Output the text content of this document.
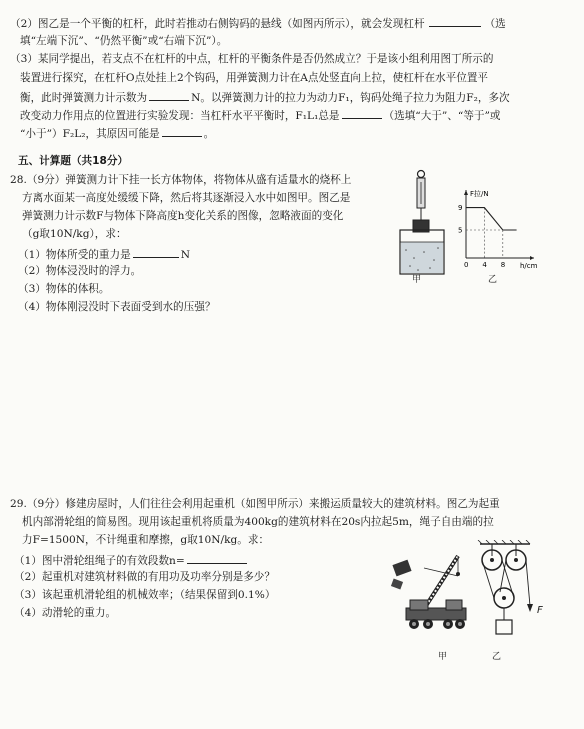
（2）图乙是一个平衡的杠杆，此时若推动右侧钩码的悬线（如图丙所示），就会发现杠杆	（选
填“左端下沉”、“仍然平衡”或“右端下沉”）。
（3）某同学提出，若支点不在杠杆的中点，杠杆的平衡条件是否仍然成立？于是该小组利用图丁所示的
装置进行探究，在杠杆O点处挂上2个钩码，用弹簧测力计在A点处竖直向上拉，使杠杆在水平位置平
衡，此时弹簧测力计示数为	N。以弹簧测力计的拉力为动力F₁，钩码处绳子拉力为阻力F₂，多次
改变动力作用点的位置进行实验发现：当杠杆水平平衡时，F₁L₁总是	（选填“大于”、“等于”或
“小于”）F₂L₂，其原因可能是	。
五、计算题（共18分）
28.（9分）弹簧测力计下挂一长方体物体，将物体从盛有适量水的烧杯上
方离水面某一高度处缓缓下降，然后将其逐渐浸入水中如图甲。图乙是
弹簧测力计示数F与物体下降高度h变化关系的图像，忽略液面的变化
（g取10N/kg），求：
（1）物体所受的重力是	N
（2）物体浸没时的浮力。
（3）物体的体积。
（4）物体刚浸没时下表面受到水的压强？
甲
5
9
0 4 8
F拉/N
h/cm
乙
29.（9分）修建房屋时，人们往往会利用起重机（如图甲所示）来搬运质量较大的建筑材料。图乙为起重
机内部滑轮组的简易图。现用该起重机将质量为400kg的建筑材料在20s内拉起5m，绳子自由端的拉
力F=1500N，不计绳重和摩擦，g取10N/kg。求：
（1）图中滑轮组绳子的有效段数n=
（2）起重机对建筑材料做的有用功及功率分别是多少？
（3）该起重机滑轮组的机械效率；（结果保留到0.1%）
（4）动滑轮的重力。
甲
F
乙
